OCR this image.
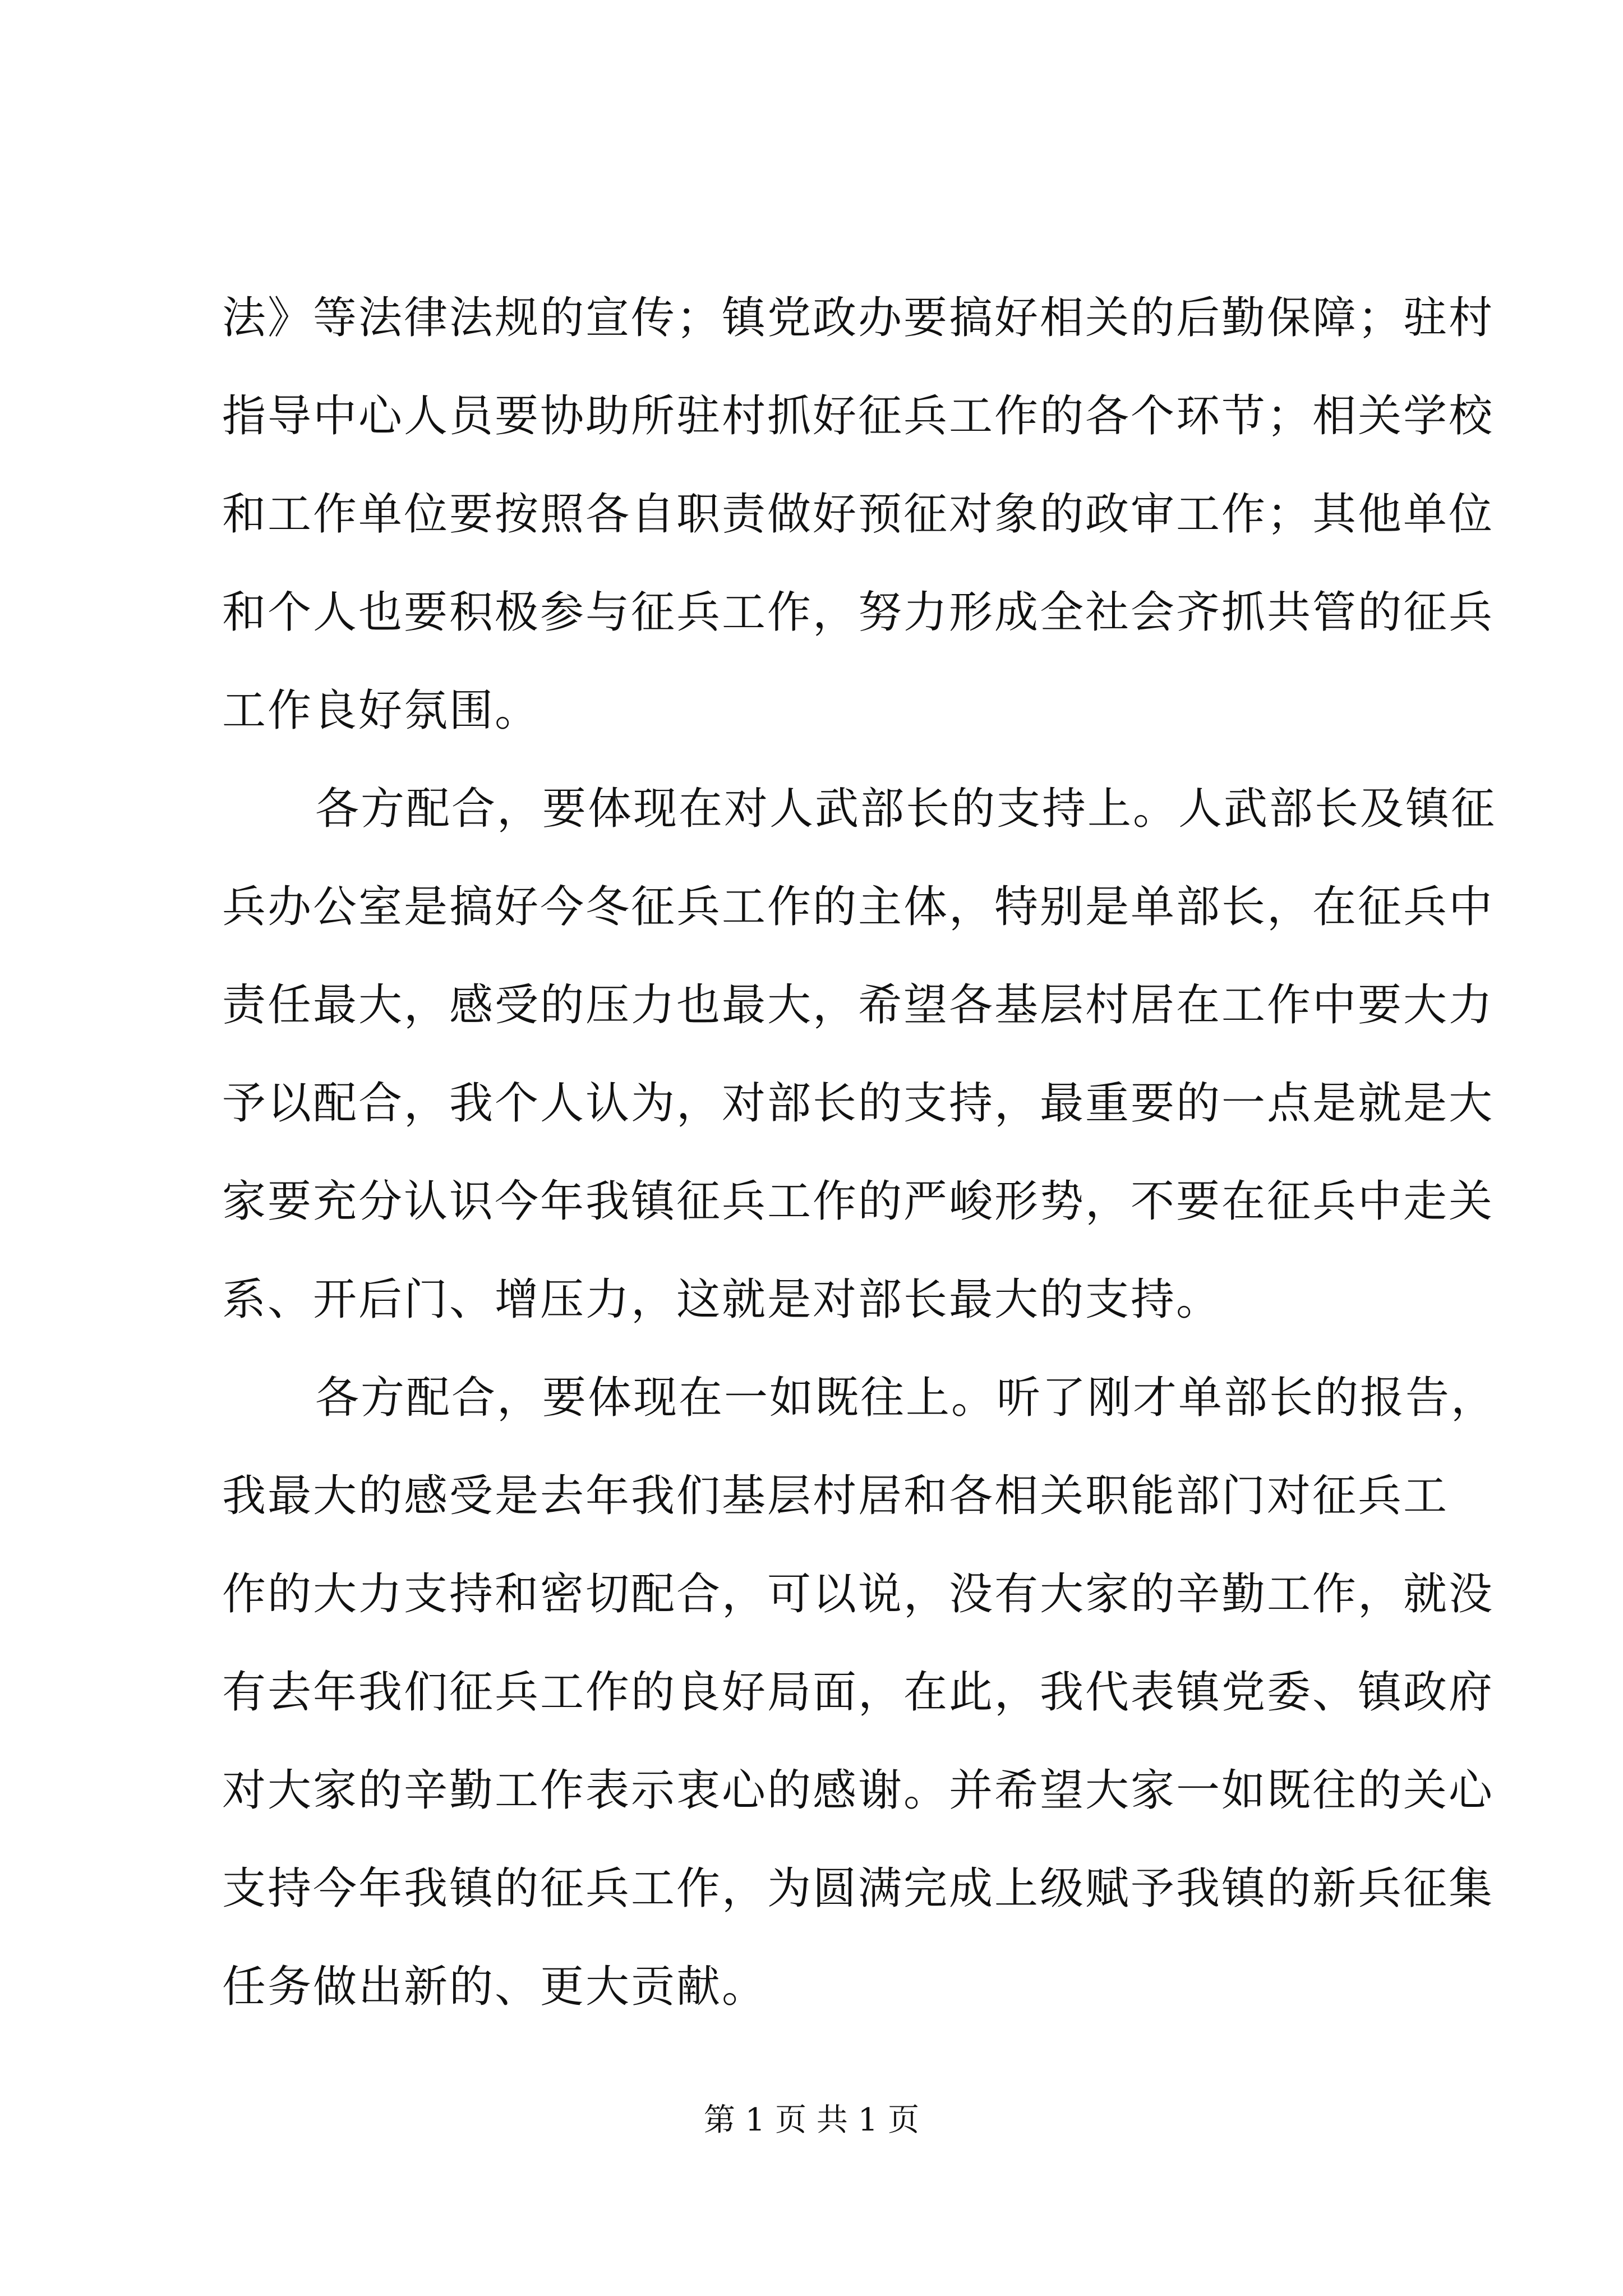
法》等法律法规的宣传；镇党政办要搞好相关的后勤保障；驻村
指导中心人员要协助所驻村抓好征兵工作的各个环节；相关学校
和工作单位要按照各自职责做好预征对象的政审工作；其他单位
和个人也要积极参与征兵工作，努力形成全社会齐抓共管的征兵
工作良好氛围。
各方配合，要体现在对人武部长的支持上。人武部长及镇征
兵办公室是搞好今冬征兵工作的主体，特别是单部长，在征兵中
责任最大，感受的压力也最大，希望各基层村居在工作中要大力
予以配合，我个人认为，对部长的支持，最重要的一点是就是大
家要充分认识今年我镇征兵工作的严峻形势，不要在征兵中走关
系、开后门、增压力，这就是对部长最大的支持。
各方配合，要体现在一如既往上。听了刚才单部长的报告，
我最大的感受是去年我们基层村居和各相关职能部门对征兵工
作的大力支持和密切配合，可以说，没有大家的辛勤工作，就没
有去年我们征兵工作的良好局面，在此，我代表镇党委、镇政府
对大家的辛勤工作表示衷心的感谢。并希望大家一如既往的关心
支持今年我镇的征兵工作，为圆满完成上级赋予我镇的新兵征集
任务做出新的、更大贡献。
第 1 页 共 1 页
